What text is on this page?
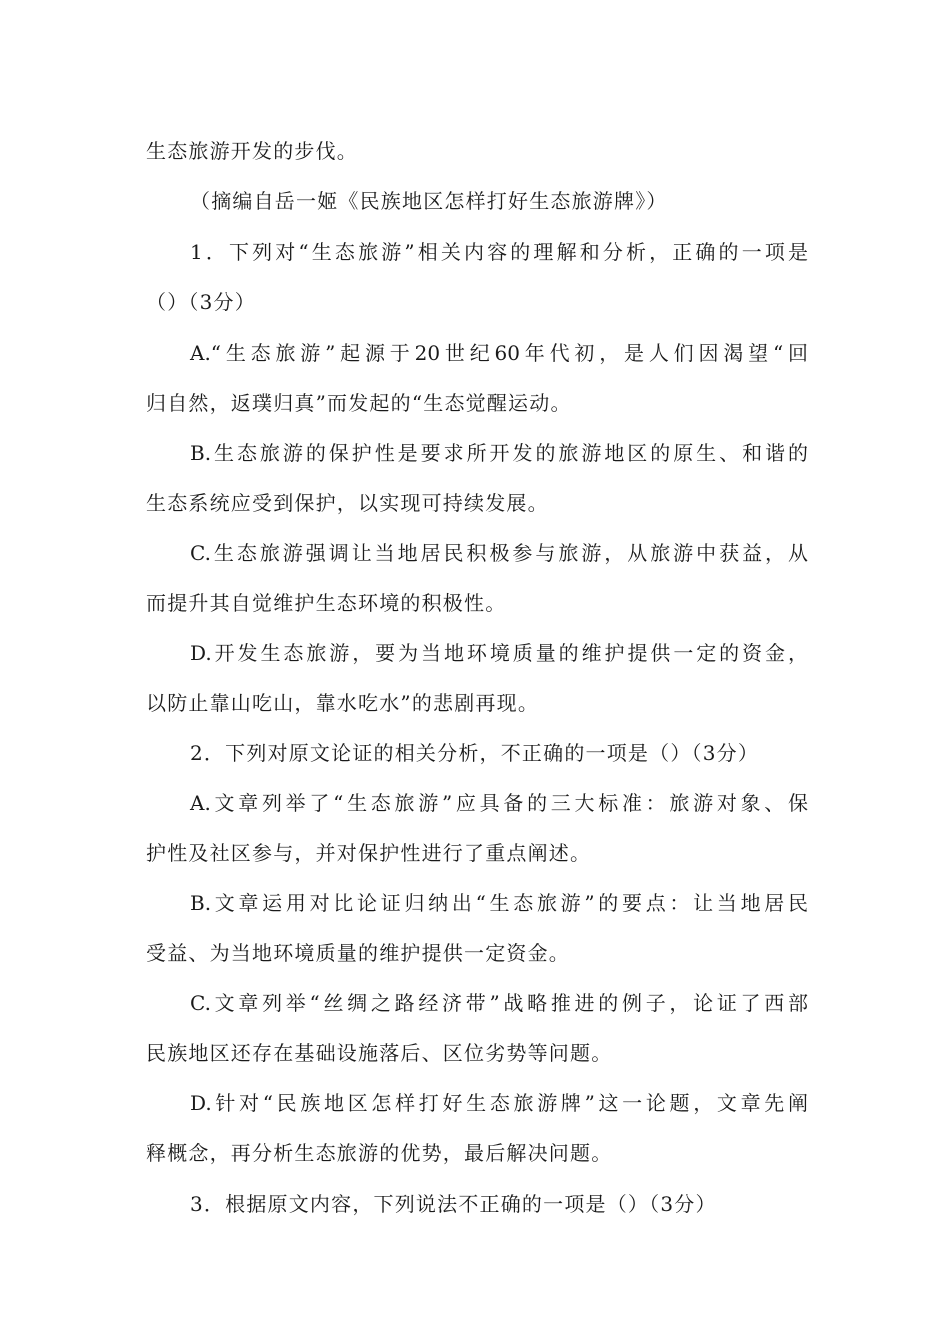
生态旅游开发的步伐。
（摘编自岳一姬《民族地区怎样打好生态旅游牌》）
1．下列对“生态旅游”相关内容的理解和分析，正确的一项是
（）（3分）
A.“生态旅游”起源于20世纪60年代初，是人们因渴望“回
归自然，返璞归真”而发起的“生态觉醒运动。
B.生态旅游的保护性是要求所开发的旅游地区的原生、和谐的
生态系统应受到保护，以实现可持续发展。
C.生态旅游强调让当地居民积极参与旅游，从旅游中获益，从
而提升其自觉维护生态环境的积极性。
D.开发生态旅游，要为当地环境质量的维护提供一定的资金，
以防止靠山吃山，靠水吃水”的悲剧再现。
2．下列对原文论证的相关分析，不正确的一项是（）（3分）
A.文章列举了“生态旅游”应具备的三大标准：旅游对象、保
护性及社区参与，并对保护性进行了重点阐述。
B.文章运用对比论证归纳出“生态旅游”的要点：让当地居民
受益、为当地环境质量的维护提供一定资金。
C.文章列举“丝绸之路经济带”战略推进的例子，论证了西部
民族地区还存在基础设施落后、区位劣势等问题。
D.针对“民族地区怎样打好生态旅游牌”这一论题，文章先阐
释概念，再分析生态旅游的优势，最后解决问题。
3．根据原文内容，下列说法不正确的一项是（）（3分）
